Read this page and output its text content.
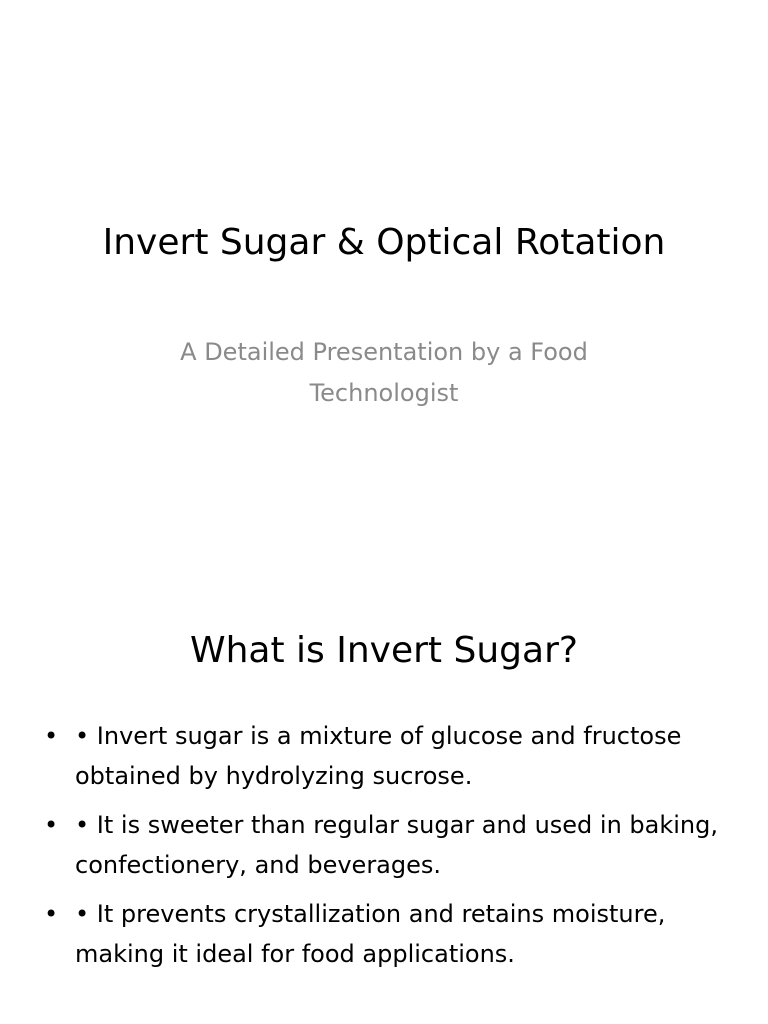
Invert Sugar & Optical Rotation
A Detailed Presentation by a Food Technologist
What is Invert Sugar?
• • Invert sugar is a mixture of glucose and fructose obtained by hydrolyzing sucrose.
• • It is sweeter than regular sugar and used in baking, confectionery, and beverages.
• • It prevents crystallization and retains moisture, making it ideal for food applications.
